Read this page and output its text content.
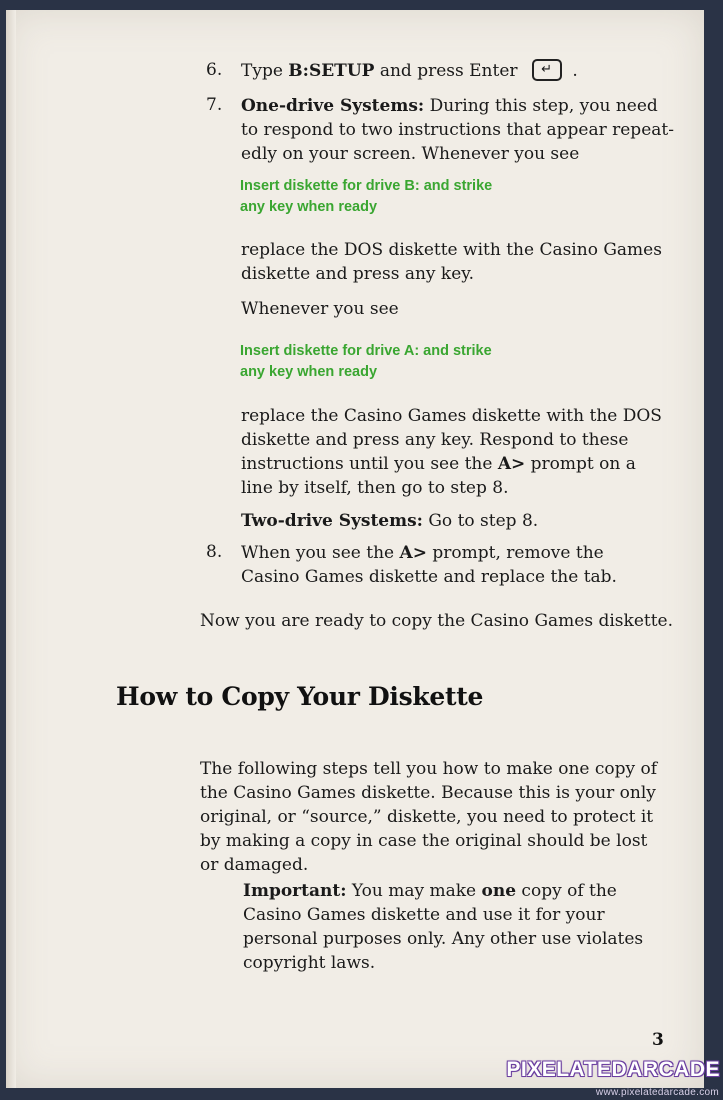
6. Type B:SETUP and press Enter ↵ .
7. One-drive Systems: During this step, you need
to respond to two instructions that appear repeat-
edly on your screen. Whenever you see
Insert diskette for drive B: and strike
any key when ready
replace the DOS diskette with the Casino Games
diskette and press any key.
Whenever you see
Insert diskette for drive A: and strike
any key when ready
replace the Casino Games diskette with the DOS
diskette and press any key. Respond to these
instructions until you see the A> prompt on a
line by itself, then go to step 8.
Two-drive Systems: Go to step 8.
8. When you see the A> prompt, remove the
Casino Games diskette and replace the tab.
Now you are ready to copy the Casino Games diskette.
How to Copy Your Diskette
The following steps tell you how to make one copy of
the Casino Games diskette. Because this is your only
original, or “source,” diskette, you need to protect it
by making a copy in case the original should be lost
or damaged.
Important: You may make one copy of the
Casino Games diskette and use it for your
personal purposes only. Any other use violates
copyright laws.
3
PIXELATEDARCADE
www.pixelatedarcade.com
